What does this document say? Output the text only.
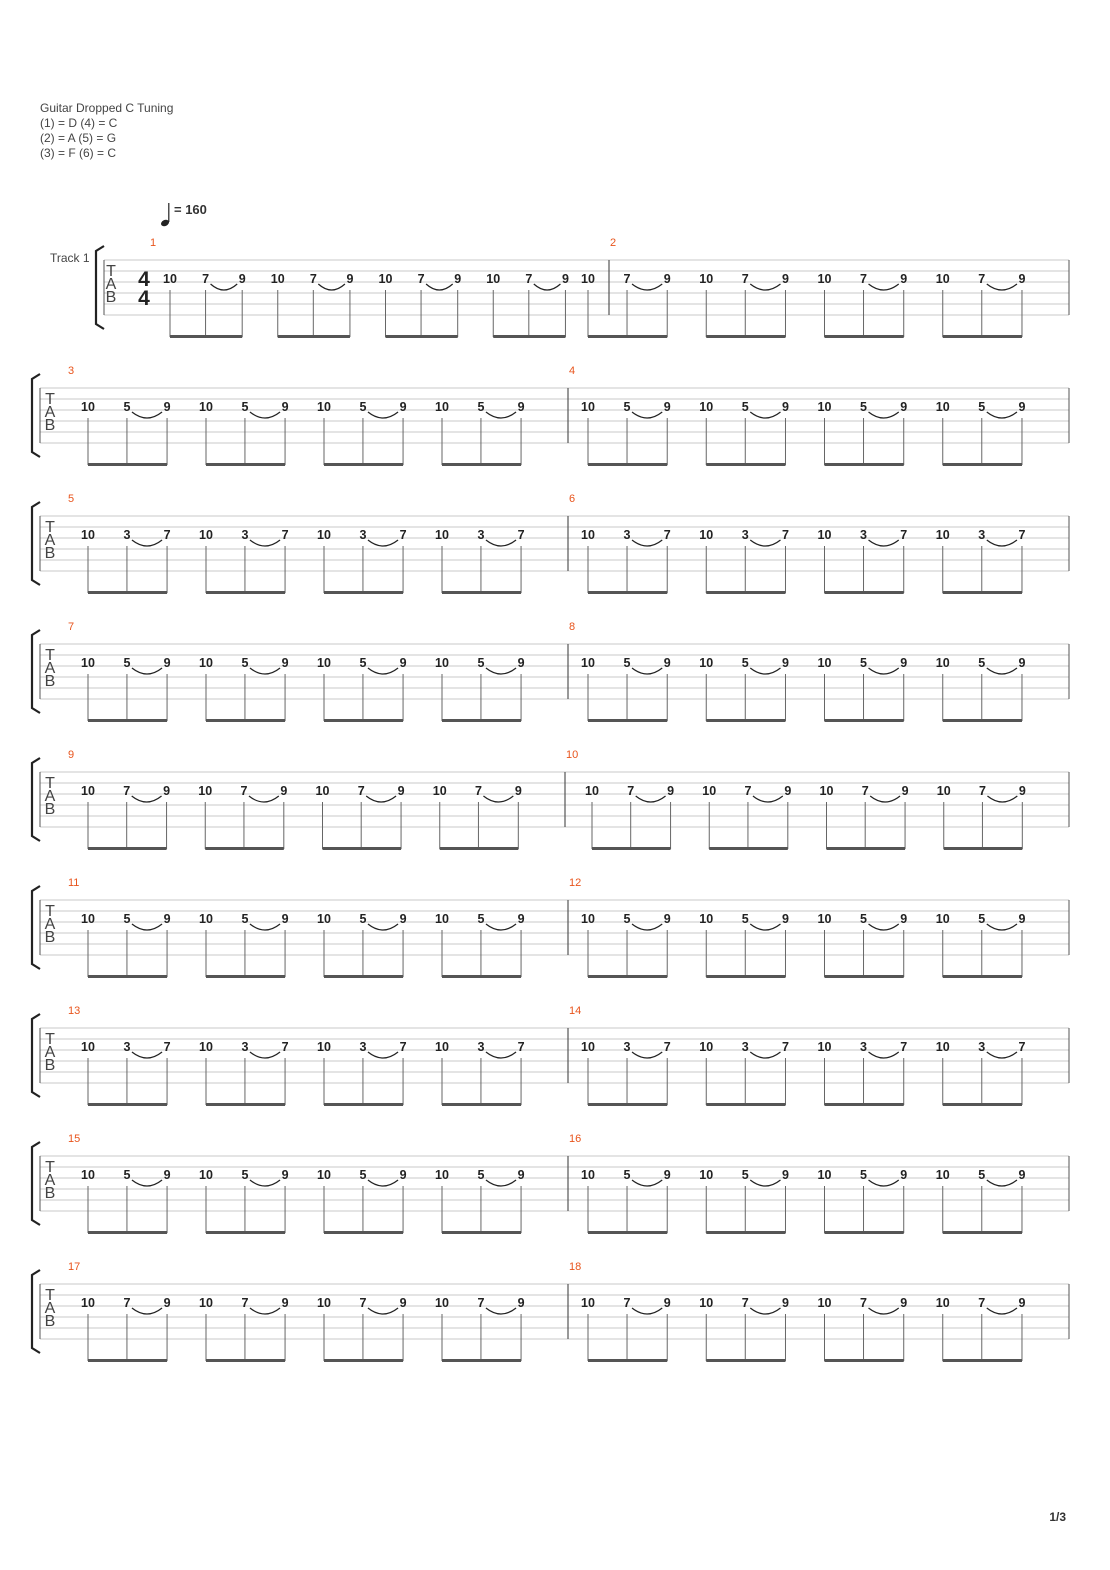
Guitar Dropped C Tuning
(1) = D (4) = C
(2) = A (5) = G
(3) = F (6) = C
= 160
Track 1
T
A
B
4
4
1
10 7 9 10 7 9 10 7 9 10 7 9
2
10 7	9 10 7	9 10 7	9 10 7	9
T
A
B
3
10 5	9 10 5	9 10 5	9 10 5	9
4
10 5	9 10 5	9 10 5	9 10 5	9
T
A
B
5
10 3	7 10 3	7 10 3	7 10 3	7
6
10 3	7 10 3	7 10 3	7 10 3	7
T
A
B
7
10 5	9 10 5	9 10 5	9 10 5	9
8
10 5	9 10 5	9 10 5	9 10 5	9
T
A
B
9
10 7	9 10 7	9 10 7	9 10 7	9
10
10 7	9 10 7	9 10 7	9 10 7	9
T
A
B
11
10 5	9 10 5	9 10 5	9 10 5	9
12
10 5	9 10 5	9 10 5	9 10 5	9
T
A
B
13
10 3	7 10 3	7 10 3	7 10 3	7
14
10 3	7 10 3	7 10 3	7 10 3	7
T
A
B
15
10 5	9 10 5	9 10 5	9 10 5	9
16
10 5	9 10 5	9 10 5	9 10 5	9
T
A
B
17
10 7	9 10 7	9 10 7	9 10 7	9
18
10 7	9 10 7	9 10 7	9 10 7	9
1/3
